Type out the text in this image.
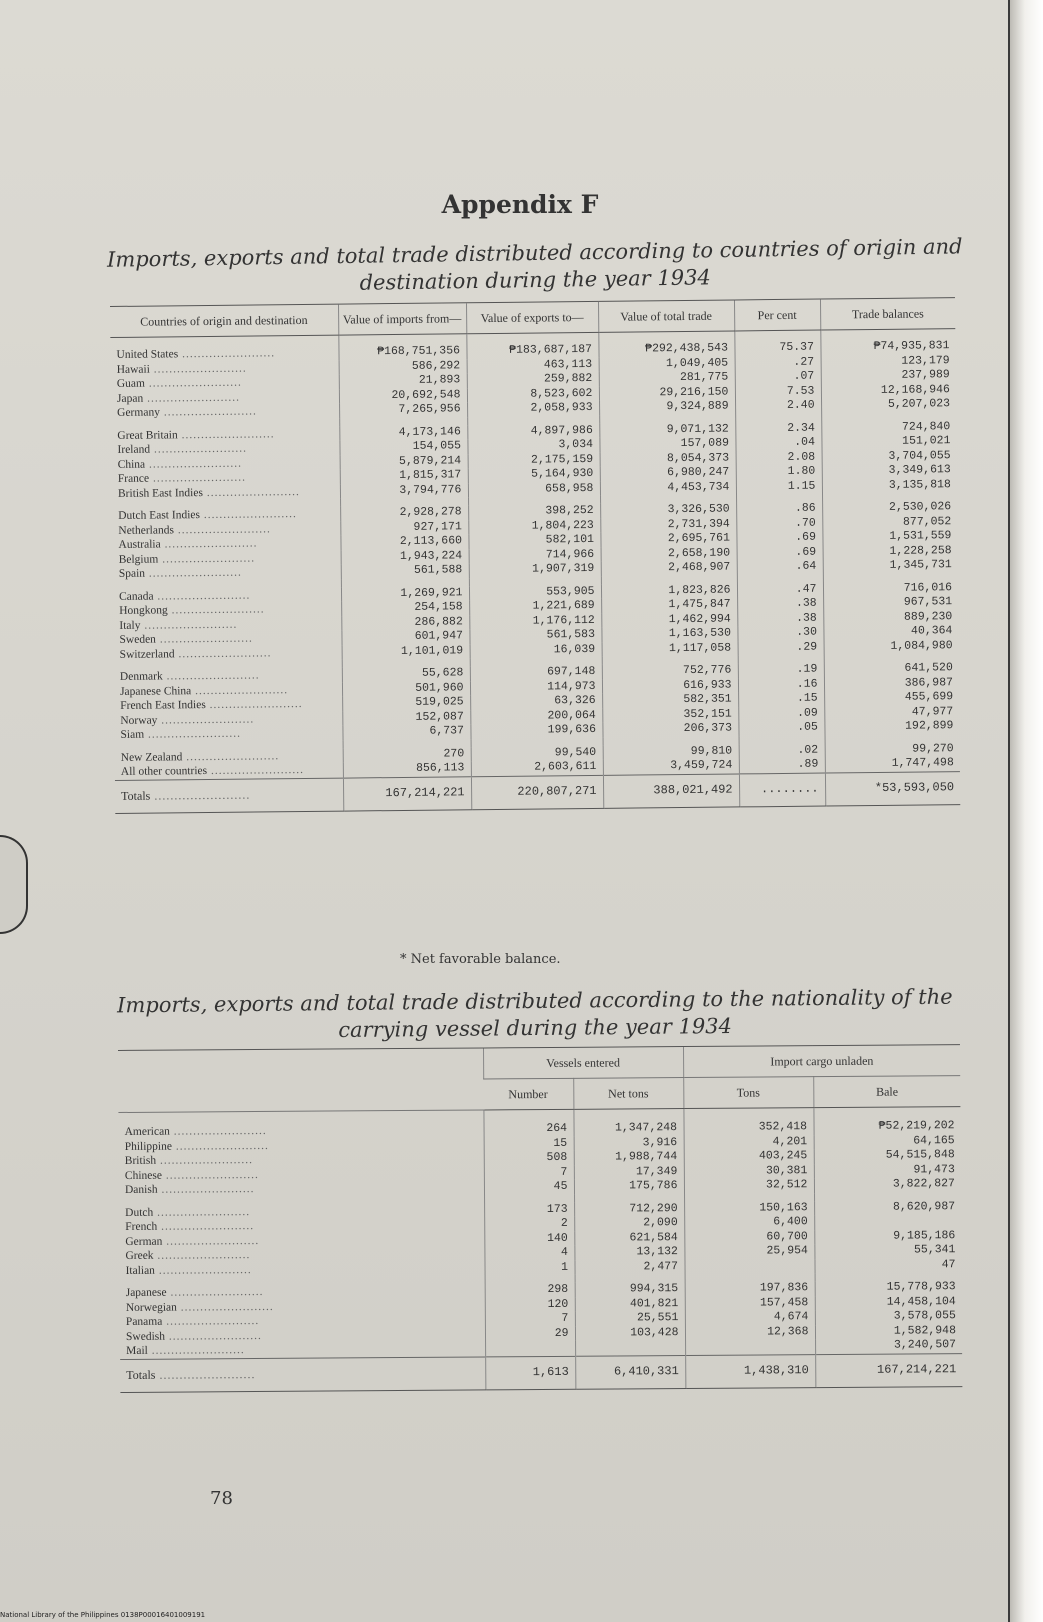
Appendix F
Imports, exports and total trade distributed according to countries of origin and destination during the year 1934
Countries of origin and destination	Value of imports from—	Value of exports to—	Value of total trade	Per cent	Trade balances
United States ........................	₱168,751,356	₱183,687,187	₱292,438,543	75.37	₱74,935,831
Hawaii ........................	586,292	463,113	1,049,405	.27	123,179
Guam ........................	21,893	259,882	281,775	.07	237,989
Japan ........................	20,692,548	8,523,602	29,216,150	7.53	12,168,946
Germany ........................	7,265,956	2,058,933	9,324,889	2.40	5,207,023

Great Britain ........................	4,173,146	4,897,986	9,071,132	2.34	724,840
Ireland ........................	154,055	3,034	157,089	.04	151,021
China ........................	5,879,214	2,175,159	8,054,373	2.08	3,704,055
France ........................	1,815,317	5,164,930	6,980,247	1.80	3,349,613
British East Indies ........................	3,794,776	658,958	4,453,734	1.15	3,135,818

Dutch East Indies ........................	2,928,278	398,252	3,326,530	.86	2,530,026
Netherlands ........................	927,171	1,804,223	2,731,394	.70	877,052
Australia ........................	2,113,660	582,101	2,695,761	.69	1,531,559
Belgium ........................	1,943,224	714,966	2,658,190	.69	1,228,258
Spain ........................	561,588	1,907,319	2,468,907	.64	1,345,731

Canada ........................	1,269,921	553,905	1,823,826	.47	716,016
Hongkong ........................	254,158	1,221,689	1,475,847	.38	967,531
Italy ........................	286,882	1,176,112	1,462,994	.38	889,230
Sweden ........................	601,947	561,583	1,163,530	.30	40,364
Switzerland ........................	1,101,019	16,039	1,117,058	.29	1,084,980

Denmark ........................	55,628	697,148	752,776	.19	641,520
Japanese China ........................	501,960	114,973	616,933	.16	386,987
French East Indies ........................	519,025	63,326	582,351	.15	455,699
Norway ........................	152,087	200,064	352,151	.09	47,977
Siam ........................	6,737	199,636	206,373	.05	192,899

New Zealand ........................	270	99,540	99,810	.02	99,270
All other countries ........................	856,113	2,603,611	3,459,724	.89	1,747,498
Totals ........................	167,214,221	220,807,271	388,021,492	........	*53,593,050
* Net favorable balance.
Imports, exports and total trade distributed according to the nationality of the carrying vessel during the year 1934
	Vessels entered		Import cargo unladen	
	Number	Net tons	Tons	Bale
American ........................	264	1,347,248	352,418	₱52,219,202
Philippine ........................	15	3,916	4,201	64,165
British ........................	508	1,988,744	403,245	54,515,848
Chinese ........................	7	17,349	30,381	91,473
Danish ........................	45	175,786	32,512	3,822,827

Dutch ........................	173	712,290	150,163	8,620,987
French ........................	2	2,090	6,400	
German ........................	140	621,584	60,700	9,185,186
Greek ........................	4	13,132	25,954	55,341
Italian ........................	1	2,477		47

Japanese ........................	298	994,315	197,836	15,778,933
Norwegian ........................	120	401,821	157,458	14,458,104
Panama ........................	7	25,551	4,674	3,578,055
Swedish ........................	29	103,428	12,368	1,582,948
Mail ........................				3,240,507
Totals ........................	1,613	6,410,331	1,438,310	167,214,221
78
National Library of the Philippines 0138P00016401009191
